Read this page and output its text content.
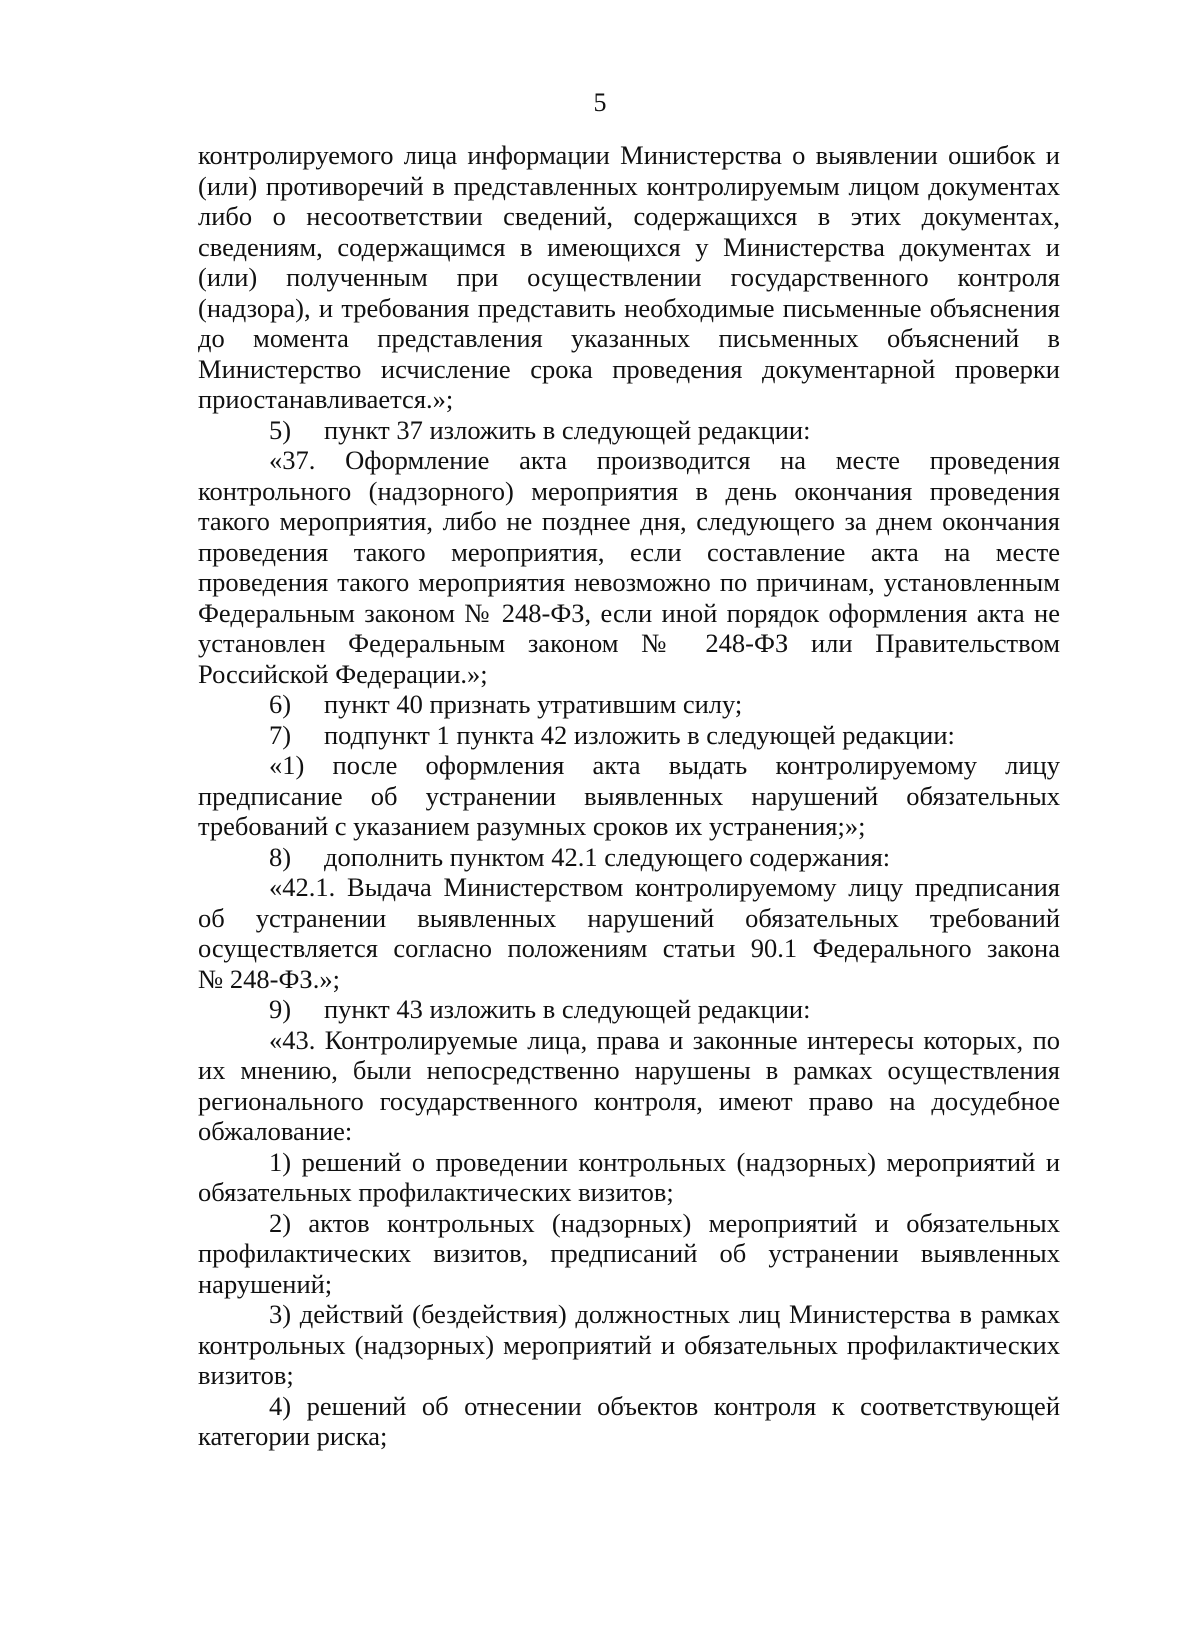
5
контролируемого лица информации Министерства о выявлении ошибок и
(или) противоречий в представленных контролируемым лицом документах
либо о несоответствии сведений, содержащихся в этих документах,
сведениям, содержащимся в имеющихся у Министерства документах и
(или) полученным при осуществлении государственного контроля
(надзора), и требования представить необходимые письменные объяснения
до момента представления указанных письменных объяснений в
Министерство исчисление срока проведения документарной проверки
приостанавливается.»;
5) пункт 37 изложить в следующей редакции:
«37. Оформление акта производится на месте проведения
контрольного (надзорного) мероприятия в день окончания проведения
такого мероприятия, либо не позднее дня, следующего за днем окончания
проведения такого мероприятия, если составление акта на месте
проведения такого мероприятия невозможно по причинам, установленным
Федеральным законом № 248-ФЗ, если иной порядок оформления акта не
установлен Федеральным законом № 248-ФЗ или Правительством
Российской Федерации.»;
6) пункт 40 признать утратившим силу;
7) подпункт 1 пункта 42 изложить в следующей редакции:
«1) после оформления акта выдать контролируемому лицу
предписание об устранении выявленных нарушений обязательных
требований с указанием разумных сроков их устранения;»;
8) дополнить пунктом 42.1 следующего содержания:
«42.1. Выдача Министерством контролируемому лицу предписания
об устранении выявленных нарушений обязательных требований
осуществляется согласно положениям статьи 90.1 Федерального закона
№ 248-ФЗ.»;
9) пункт 43 изложить в следующей редакции:
«43. Контролируемые лица, права и законные интересы которых, по
их мнению, были непосредственно нарушены в рамках осуществления
регионального государственного контроля, имеют право на досудебное
обжалование:
1) решений о проведении контрольных (надзорных) мероприятий и
обязательных профилактических визитов;
2) актов контрольных (надзорных) мероприятий и обязательных
профилактических визитов, предписаний об устранении выявленных
нарушений;
3) действий (бездействия) должностных лиц Министерства в рамках
контрольных (надзорных) мероприятий и обязательных профилактических
визитов;
4) решений об отнесении объектов контроля к соответствующей
категории риска;
